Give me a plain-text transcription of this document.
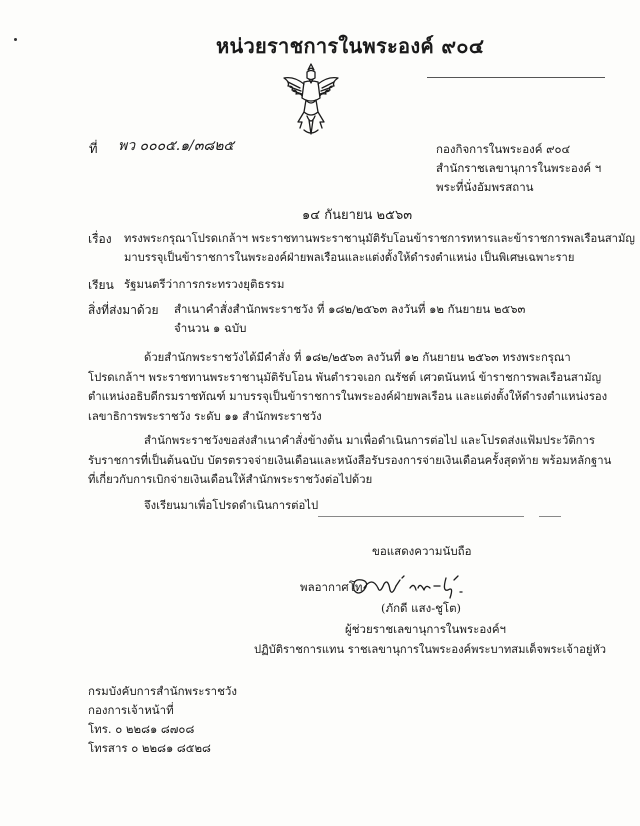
หน่วยราชการในพระองค์ ๙๐๔
ที่ พว ๐๐๐๕.๑/๓๘๒๕	กองกิจการในพระองค์ ๙๐๔
สำนักราชเลขานุการในพระองค์ ฯ
พระที่นั่งอัมพรสถาน
๑๔ กันยายน ๒๕๖๓
เรื่อง ทรงพระกรุณาโปรดเกล้าฯ พระราชทานพระราชานุมัติรับโอนข้าราชการทหารและข้าราชการพลเรือนสามัญ
มาบรรจุเป็นข้าราชการในพระองค์ฝ่ายพลเรือนและแต่งตั้งให้ดำรงตำแหน่ง เป็นพิเศษเฉพาะราย
เรียน รัฐมนตรีว่าการกระทรวงยุติธรรม
สิ่งที่ส่งมาด้วย สำเนาคำสั่งสำนักพระราชวัง ที่ ๑๘๒/๒๕๖๓ ลงวันที่ ๑๒ กันยายน ๒๕๖๓
จำนวน ๑ ฉบับ
ด้วยสำนักพระราชวังได้มีคำสั่ง ที่ ๑๘๒/๒๕๖๓ ลงวันที่ ๑๒ กันยายน ๒๕๖๓ ทรงพระกรุณา
โปรดเกล้าฯ พระราชทานพระราชานุมัติรับโอน พันตำรวจเอก ณรัชต์ เศวตนันทน์ ข้าราชการพลเรือนสามัญ
ตำแหน่งอธิบดีกรมราชทัณฑ์ มาบรรจุเป็นข้าราชการในพระองค์ฝ่ายพลเรือน และแต่งตั้งให้ดำรงตำแหน่งรอง
เลขาธิการพระราชวัง ระดับ ๑๑ สำนักพระราชวัง
สำนักพระราชวังขอส่งสำเนาคำสั่งข้างต้น มาเพื่อดำเนินการต่อไป และโปรดส่งแฟ้มประวัติการ
รับราชการที่เป็นต้นฉบับ บัตรตรวจจ่ายเงินเดือนและหนังสือรับรองการจ่ายเงินเดือนครั้งสุดท้าย พร้อมหลักฐาน
ที่เกี่ยวกับการเบิกจ่ายเงินเดือนให้สำนักพระราชวังต่อไปด้วย
จึงเรียนมาเพื่อโปรดดำเนินการต่อไป
ขอแสดงความนับถือ
พลอากาศโท
(ภักดี แสง-ชูโต)
ผู้ช่วยราชเลขานุการในพระองค์ฯ
ปฏิบัติราชการแทน ราชเลขานุการในพระองค์พระบาทสมเด็จพระเจ้าอยู่หัว
กรมบังคับการสำนักพระราชวัง
กองการเจ้าหน้าที่
โทร. ๐ ๒๒๘๑ ๘๗๐๘
โทรสาร ๐ ๒๒๘๑ ๘๕๒๘
